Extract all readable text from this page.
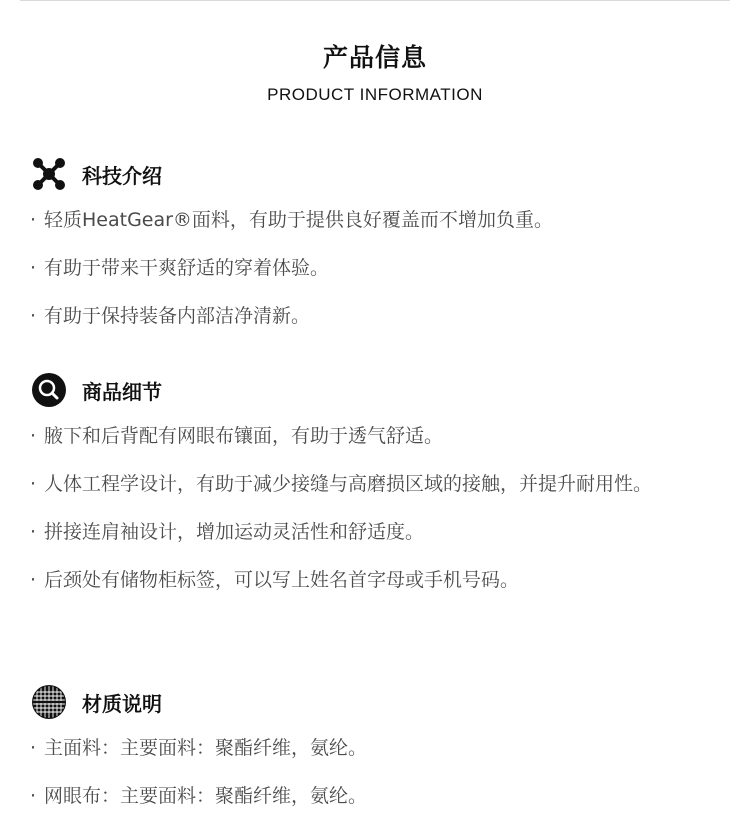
产品信息
PRODUCT INFORMATION
科技介绍
· 轻质HeatGear®面料，有助于提供良好覆盖而不增加负重。
· 有助于带来干爽舒适的穿着体验。
· 有助于保持装备内部洁净清新。
商品细节
· 腋下和后背配有网眼布镶面，有助于透气舒适。
· 人体工程学设计，有助于减少接缝与高磨损区域的接触，并提升耐用性。
· 拼接连肩袖设计，增加运动灵活性和舒适度。
· 后颈处有储物柜标签，可以写上姓名首字母或手机号码。
材质说明
· 主面料：主要面料：聚酯纤维，氨纶。
· 网眼布：主要面料：聚酯纤维，氨纶。
